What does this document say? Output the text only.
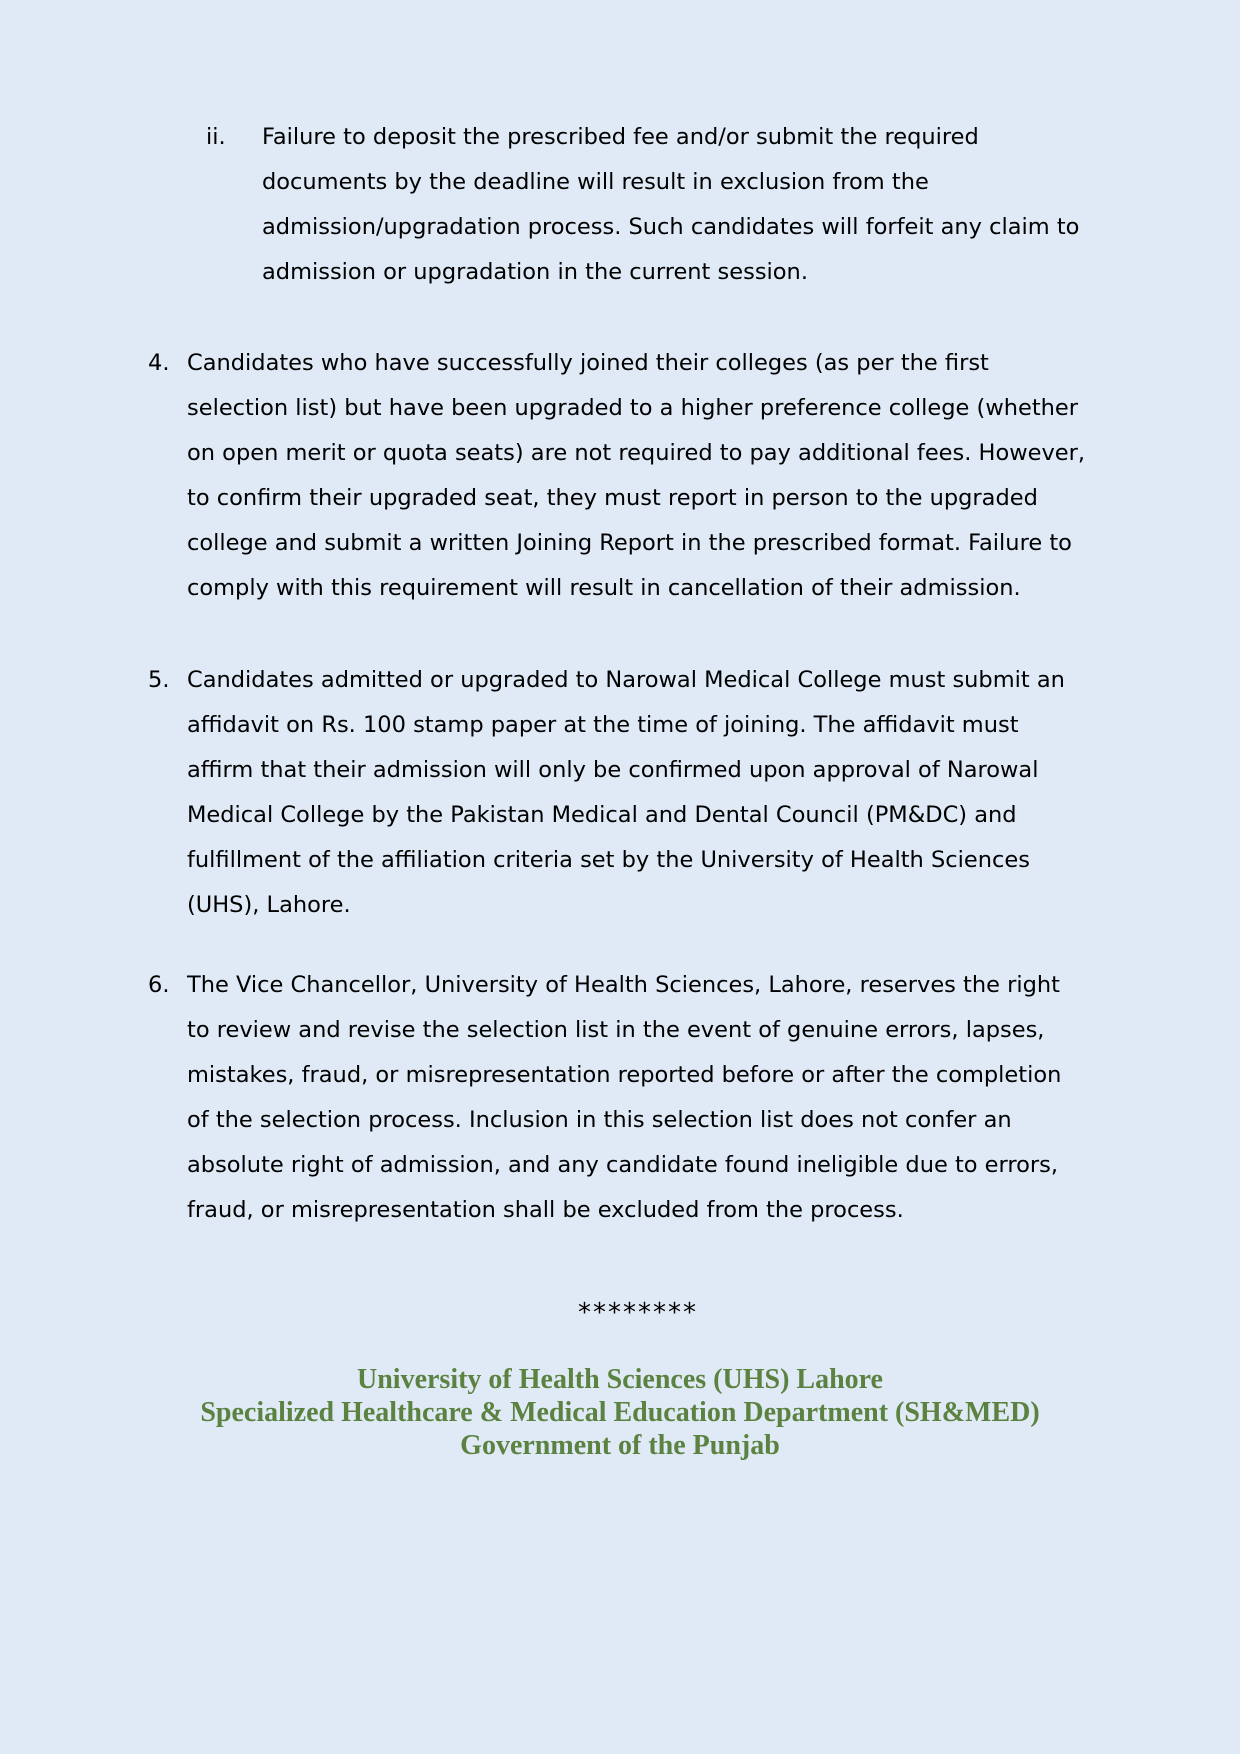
ii.	Failure to deposit the prescribed fee and/or submit the required documents by the deadline will result in exclusion from the admission/upgradation process. Such candidates will forfeit any claim to admission or upgradation in the current session.
4. Candidates who have successfully joined their colleges (as per the first selection list) but have been upgraded to a higher preference college (whether on open merit or quota seats) are not required to pay additional fees. However, to confirm their upgraded seat, they must report in person to the upgraded college and submit a written Joining Report in the prescribed format. Failure to comply with this requirement will result in cancellation of their admission.
5. Candidates admitted or upgraded to Narowal Medical College must submit an affidavit on Rs. 100 stamp paper at the time of joining. The affidavit must affirm that their admission will only be confirmed upon approval of Narowal Medical College by the Pakistan Medical and Dental Council (PM&DC) and fulfillment of the affiliation criteria set by the University of Health Sciences (UHS), Lahore.
6. The Vice Chancellor, University of Health Sciences, Lahore, reserves the right to review and revise the selection list in the event of genuine errors, lapses, mistakes, fraud, or misrepresentation reported before or after the completion of the selection process. Inclusion in this selection list does not confer an absolute right of admission, and any candidate found ineligible due to errors, fraud, or misrepresentation shall be excluded from the process.
********
University of Health Sciences (UHS) Lahore
Specialized Healthcare & Medical Education Department (SH&MED)
Government of the Punjab
